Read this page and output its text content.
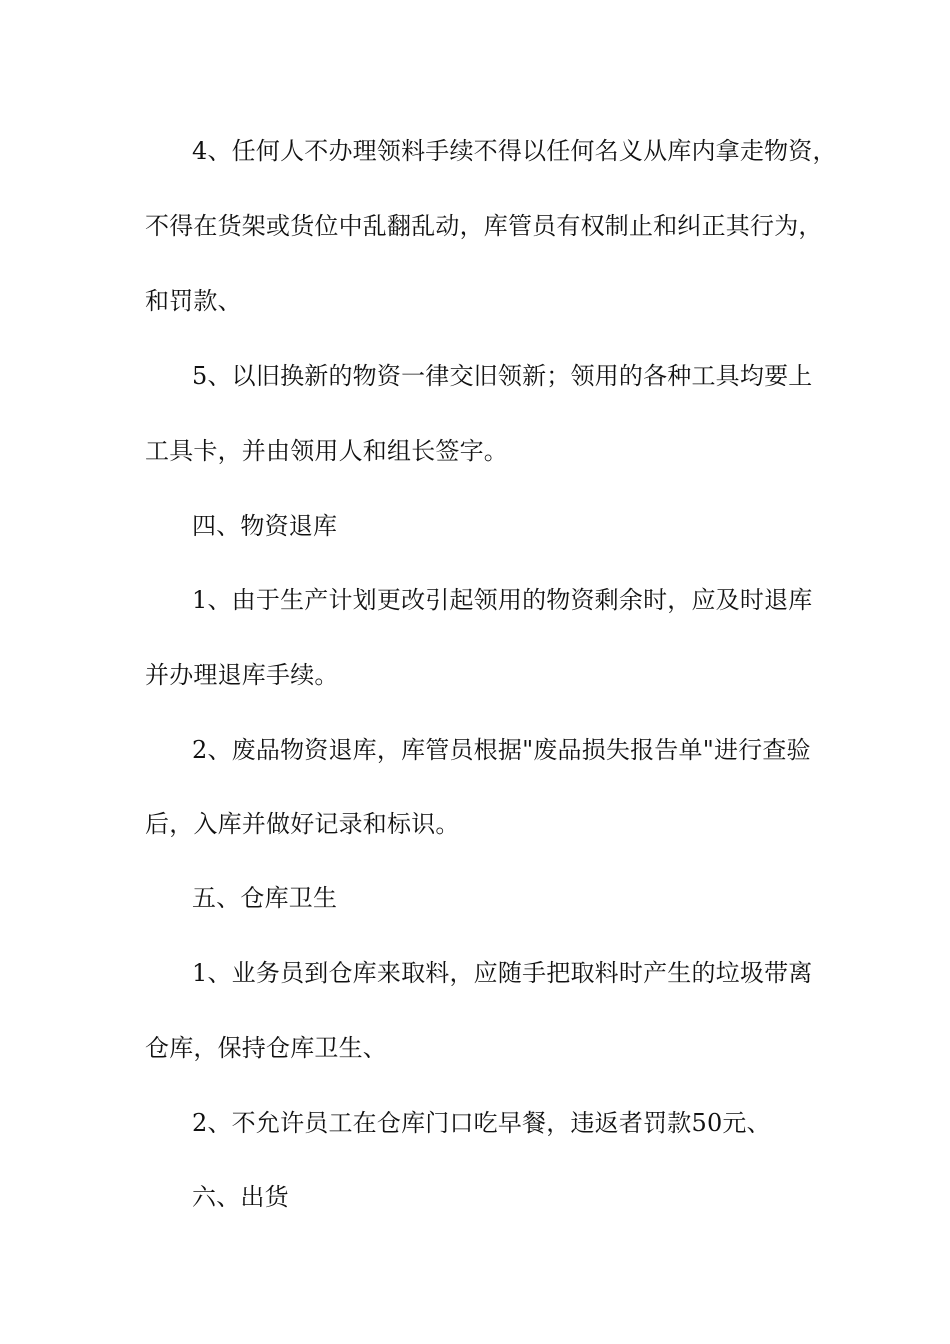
4、任何人不办理领料手续不得以任何名义从库内拿走物资，
不得在货架或货位中乱翻乱动，库管员有权制止和纠正其行为，
和罚款、
5、以旧换新的物资一律交旧领新；领用的各种工具均要上
工具卡，并由领用人和组长签字。
四、物资退库
1、由于生产计划更改引起领用的物资剩余时，应及时退库
并办理退库手续。
2、废品物资退库，库管员根据"废品损失报告单"进行查验
后，入库并做好记录和标识。
五、仓库卫生
1、业务员到仓库来取料，应随手把取料时产生的垃圾带离
仓库，保持仓库卫生、
2、不允许员工在仓库门口吃早餐，违返者罚款50元、
六、出货
